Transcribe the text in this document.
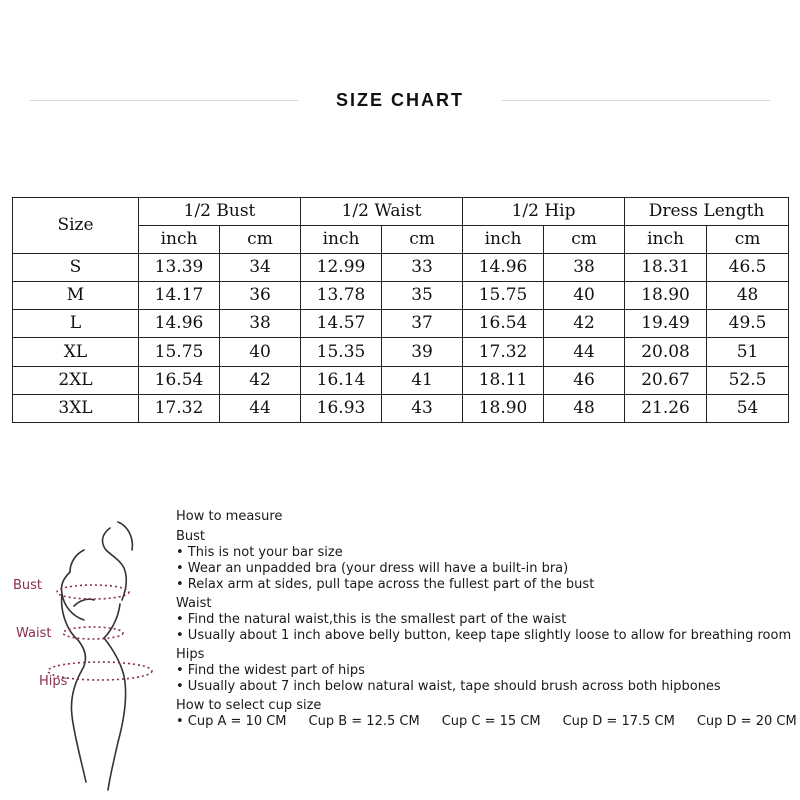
SIZE CHART
Size	1/2 Bust		1/2 Waist		1/2 Hip		Dress Length	
	inch	cm	inch	cm	inch	cm	inch	cm
S	13.39	34	12.99	33	14.96	38	18.31	46.5
M	14.17	36	13.78	35	15.75	40	18.90	48
L	14.96	38	14.57	37	16.54	42	19.49	49.5
XL	15.75	40	15.35	39	17.32	44	20.08	51
2XL	16.54	42	16.14	41	18.11	46	20.67	52.5
3XL	17.32	44	16.93	43	18.90	48	21.26	54
Bust
Waist
Hips
How to measure
Bust
• This is not your bar size
• Wear an unpadded bra (your dress will have a built-in bra)
• Relax arm at sides, pull tape across the fullest part of the bust
Waist
• Find the natural waist,this is the smallest part of the waist
• Usually about 1 inch above belly button, keep tape slightly loose to allow for breathing room
Hips
• Find the widest part of hips
• Usually about 7 inch below natural waist, tape should brush across both hipbones
How to select cup size
• Cup A = 10 CM Cup B = 12.5 CM Cup C = 15 CM Cup D = 17.5 CM Cup D = 20 CM
